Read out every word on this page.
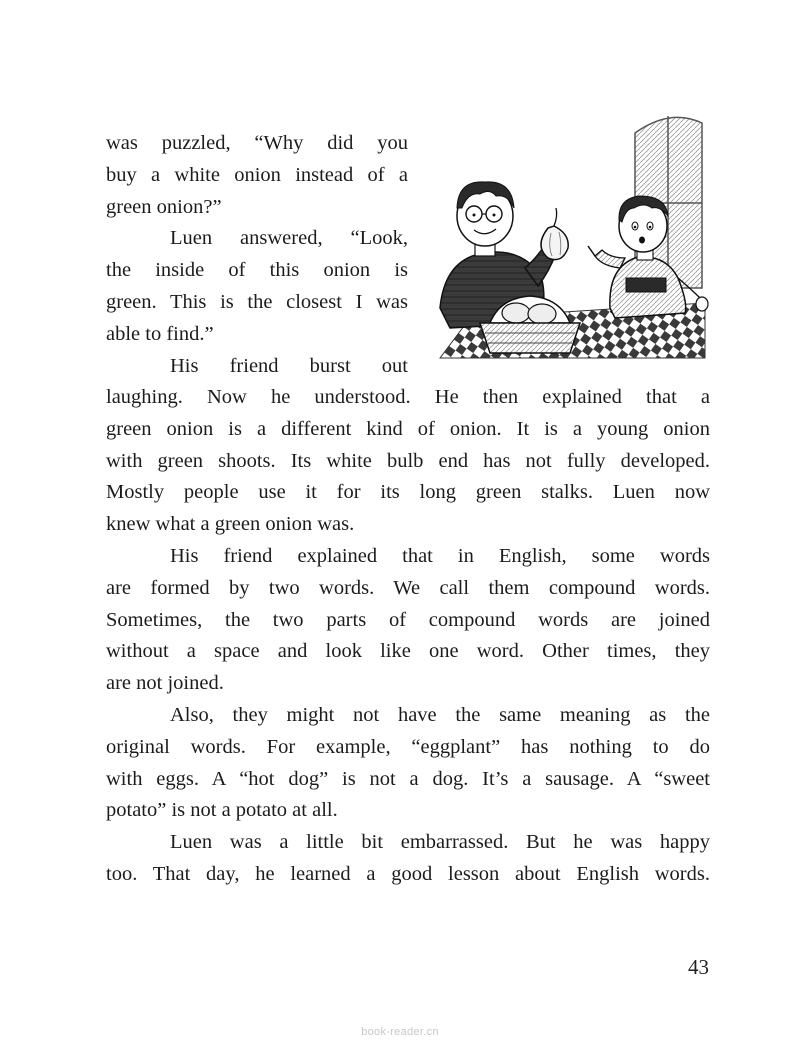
was puzzled, “Why did you
buy a white onion instead of a
green onion?”

Luen answered, “Look,
the inside of this onion is
green. This is the closest I was
able to find.”

His friend burst out

laughing. Now he understood. He then explained that a
green onion is a different kind of onion. It is a young onion
with green shoots. Its white bulb end has not fully developed.
Mostly people use it for its long green stalks. Luen now
knew what a green onion was.

His friend explained that in English, some words
are formed by two words. We call them compound words.
Sometimes, the two parts of compound words are joined
without a space and look like one word. Other times, they
are not joined.

Also, they might not have the same meaning as the
original words. For example, “eggplant” has nothing to do
with eggs. A “hot dog” is not a dog. It’s a sausage. A “sweet
potato” is not a potato at all.

Luen was a little bit embarrassed. But he was happy
too. That day, he learned a good lesson about English words.

43
book-reader.cn
